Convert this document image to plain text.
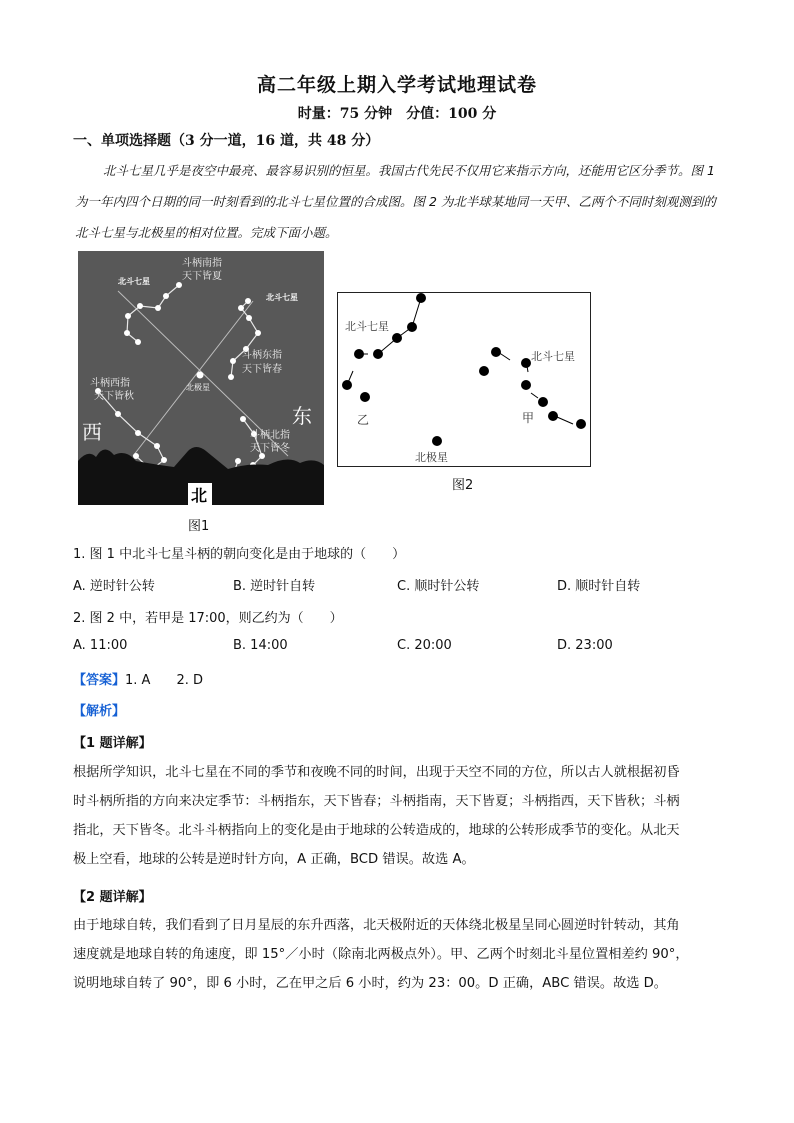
高二年级上期入学考试地理试卷
时量：75 分钟　分值：100 分
一、单项选择题（3 分一道，16 道，共 48 分）
北斗七星几乎是夜空中最亮、最容易识别的恒星。我国古代先民不仅用它来指示方向，还能用它区分季节。图 1 为一年内四个日期的同一时刻看到的北斗七星位置的合成图。图 2 为北半球某地同一天甲、乙两个不同时刻观测到的北斗七星与北极星的相对位置。完成下面小题。
北斗七星
北斗七星
北极星
斗柄南指
天下皆夏
斗柄东指
天下皆春
斗柄西指
天下皆秋
斗柄北指
天下皆冬
西
东
北
图1
北斗七星
北斗七星
乙	甲
北极星
图2
1. 图 1 中北斗七星斗柄的朝向变化是由于地球的（　　）
A. 逆时针公转	B. 逆时针自转	C. 顺时针公转	D. 顺时针自转
2. 图 2 中，若甲是 17:00，则乙约为（　　）
A. 11:00	B. 14:00	C. 20:00	D. 23:00
【答案】1. A　　2. D
【解析】
【1 题详解】
根据所学知识，北斗七星在不同的季节和夜晚不同的时间，出现于天空不同的方位，所以古人就根据初昏
时斗柄所指的方向来决定季节：斗柄指东，天下皆春；斗柄指南，天下皆夏；斗柄指西，天下皆秋；斗柄
指北，天下皆冬。北斗斗柄指向上的变化是由于地球的公转造成的，地球的公转形成季节的变化。从北天
极上空看，地球的公转是逆时针方向，A 正确，BCD 错误。故选 A。
【2 题详解】
由于地球自转，我们看到了日月星辰的东升西落，北天极附近的天体绕北极星呈同心圆逆时针转动，其角
速度就是地球自转的角速度，即 15°／小时（除南北两极点外）。甲、乙两个时刻北斗星位置相差约 90°，
说明地球自转了 90°，即 6 小时，乙在甲之后 6 小时，约为 23：00。D 正确，ABC 错误。故选 D。
